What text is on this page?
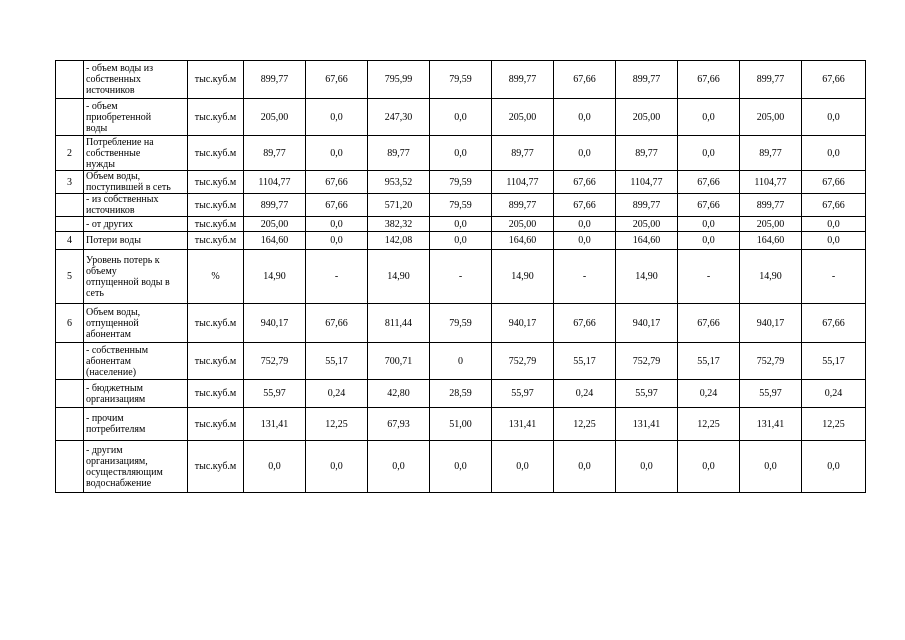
	- объем воды из
собственных
источников	тыс.куб.м	899,77	67,66	795,99	79,59	899,77	67,66	899,77	67,66	899,77	67,66

	- объем
приобретенной
воды	тыс.куб.м	205,00	0,0	247,30	0,0	205,00	0,0	205,00	0,0	205,00	0,0
2	Потребление на
собственные
нужды	тыс.куб.м	89,77	0,0	89,77	0,0	89,77	0,0	89,77	0,0	89,77	0,0
3	Объем воды,
поступившей в сеть	тыс.куб.м	1104,77	67,66	953,52	79,59	1104,77	67,66	1104,77	67,66	1104,77	67,66

	- из собственных
источников	тыс.куб.м	899,77	67,66	571,20	79,59	899,77	67,66	899,77	67,66	899,77	67,66

	- от других	тыс.куб.м	205,00	0,0	382,32	0,0	205,00	0,0	205,00	0,0	205,00	0,0
4	Потери воды	тыс.куб.м	164,60	0,0	142,08	0,0	164,60	0,0	164,60	0,0	164,60	0,0
5	Уровень потерь к
объему
отпущенной воды в
сеть	%	14,90	-	14,90	-	14,90	-	14,90	-	14,90	-
6	Объем воды,
отпущенной
абонентам	тыс.куб.м	940,17	67,66	811,44	79,59	940,17	67,66	940,17	67,66	940,17	67,66

	- собственным
абонентам
(население)	тыс.куб.м	752,79	55,17	700,71	0	752,79	55,17	752,79	55,17	752,79	55,17

	- бюджетным
организациям	тыс.куб.м	55,97	0,24	42,80	28,59	55,97	0,24	55,97	0,24	55,97	0,24

	- прочим
потребителям	тыс.куб.м	131,41	12,25	67,93	51,00	131,41	12,25	131,41	12,25	131,41	12,25

	- другим
организациям,
осуществляющим
водоснабжение	тыс.куб.м	0,0	0,0	0,0	0,0	0,0	0,0	0,0	0,0	0,0	0,0
